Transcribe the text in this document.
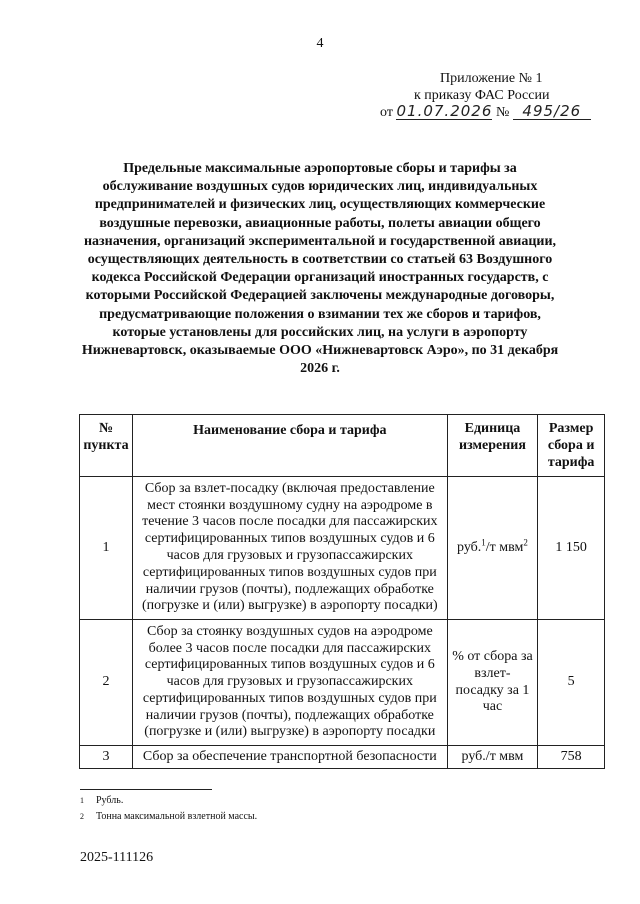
4
Приложение № 1
к приказу ФАС России
от 01.07.2026 № 495/26
Предельные максимальные аэропортовые сборы и тарифы за обслуживание воздушных судов юридических лиц, индивидуальных предпринимателей и физических лиц, осуществляющих коммерческие воздушные перевозки, авиационные работы, полеты авиации общего назначения, организаций экспериментальной и государственной авиации, осуществляющих деятельность в соответствии со статьей 63 Воздушного кодекса Российской Федерации организаций иностранных государств, с которыми Российской Федерацией заключены международные договоры, предусматривающие положения о взимании тех же сборов и тарифов, которые установлены для российских лиц, на услуги в аэропорту Нижневартовск, оказываемые ООО «Нижневартовск Аэро», по 31 декабря 2026 г.
№ пункта	Наименование сбора и тарифа	Единица измерения	Размер сбора и тарифа
1	Сбор за взлет-посадку (включая предоставление мест стоянки воздушному судну на аэродроме в течение 3 часов после посадки для пассажирских сертифицированных типов воздушных судов и 6 часов для грузовых и грузопассажирских сертифицированных типов воздушных судов при наличии грузов (почты), подлежащих обработке (погрузке и (или) выгрузке) в аэропорту посадки)	руб.$^1$/т мвм$^2$	1 150
2	Сбор за стоянку воздушных судов на аэродроме более 3 часов после посадки для пассажирских сертифицированных типов воздушных судов и 6 часов для грузовых и грузопассажирских сертифицированных типов воздушных судов при наличии грузов (почты), подлежащих обработке (погрузке и (или) выгрузке) в аэропорту посадки	% от сбора за взлет-посадку за 1 час	5
3	Сбор за обеспечение транспортной безопасности	руб./т мвм	758
1 Рубль.
2 Тонна максимальной взлетной массы.
2025-111126
